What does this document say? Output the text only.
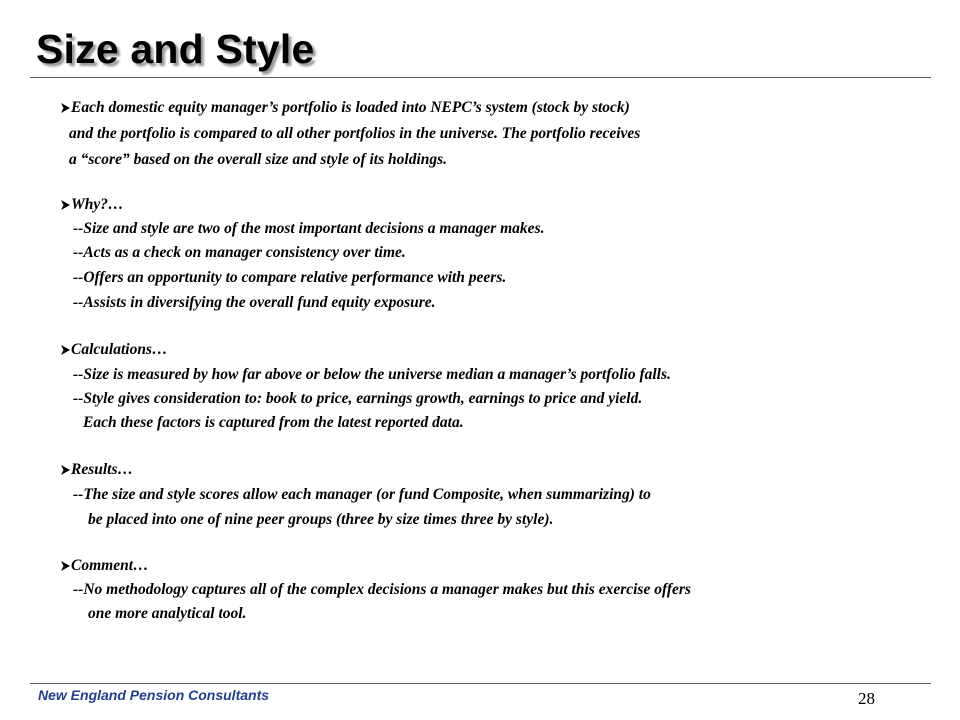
Size and Style
Each domestic equity manager’s portfolio is loaded into NEPC’s system (stock by stock)
and the portfolio is compared to all other portfolios in the universe. The portfolio receives
a “score” based on the overall size and style of its holdings.
Why?…
--Size and style are two of the most important decisions a manager makes.
--Acts as a check on manager consistency over time.
--Offers an opportunity to compare relative performance with peers.
--Assists in diversifying the overall fund equity exposure.
Calculations…
--Size is measured by how far above or below the universe median a manager’s portfolio falls.
--Style gives consideration to: book to price, earnings growth, earnings to price and yield.
Each these factors is captured from the latest reported data.
Results…
--The size and style scores allow each manager (or fund Composite, when summarizing) to
be placed into one of nine peer groups (three by size times three by style).
Comment…
--No methodology captures all of the complex decisions a manager makes but this exercise offers
one more analytical tool.
New England Pension Consultants	28
